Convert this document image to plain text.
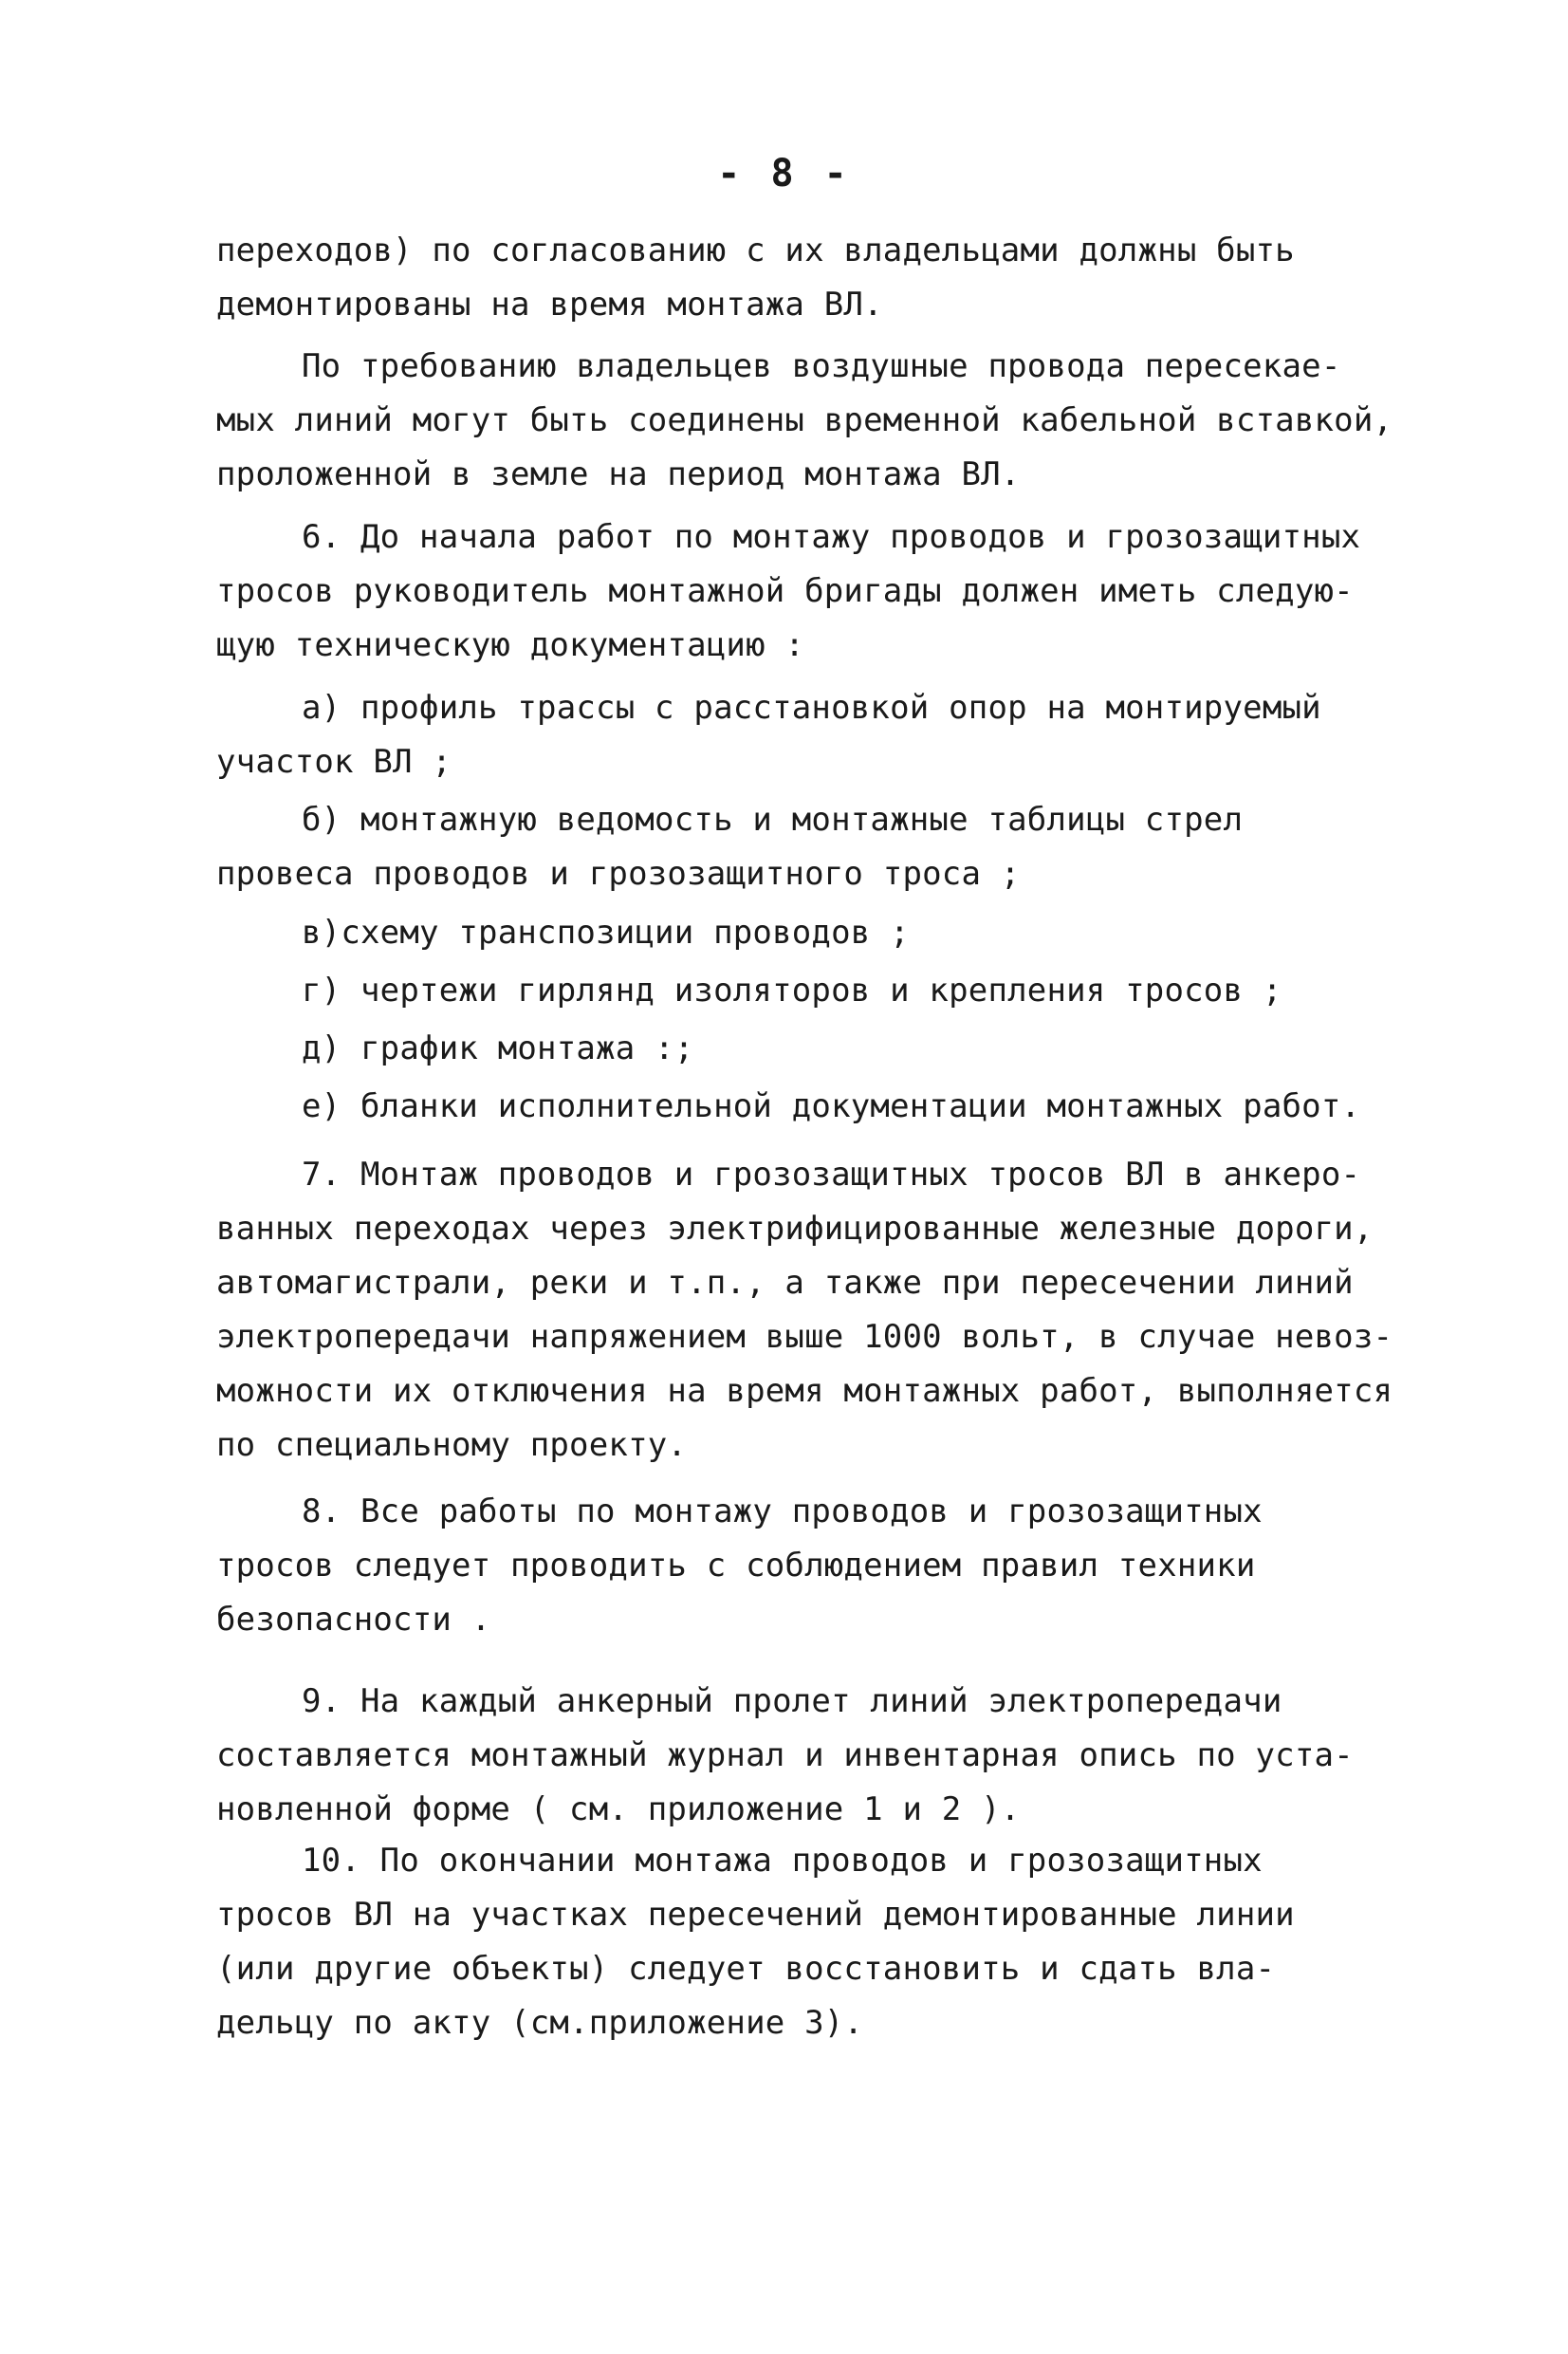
- 8 -
переходов) по согласованию с их владельцами должны быть
демонтированы на время монтажа ВЛ.
По требованию владельцев воздушные провода пересекае-
мых линий могут быть соединены временной кабельной вставкой,
проложенной в земле на период монтажа ВЛ.
6. До начала работ по монтажу проводов и грозозащитных
тросов руководитель монтажной бригады должен иметь следую-
щую техническую документацию :
а) профиль трассы с расстановкой опор на монтируемый
участок ВЛ ;
б) монтажную ведомость и монтажные таблицы стрел
провеса проводов и грозозащитного троса ;
в)схему транспозиции проводов ;
г) чертежи гирлянд изоляторов и крепления тросов ;
д) график монтажа :;
е) бланки исполнительной документации монтажных работ.
7. Монтаж проводов и грозозащитных тросов ВЛ в анкеро-
ванных переходах через электрифицированные железные дороги,
автомагистрали, реки и т.п., а также при пересечении линий
электропередачи напряжением выше 1000 вольт, в случае невоз-
можности их отключения на время монтажных работ, выполняется
по специальному проекту.
8. Все работы по монтажу проводов и грозозащитных
тросов следует проводить с соблюдением правил техники
безопасности .
9. На каждый анкерный пролет линий электропередачи
составляется монтажный журнал и инвентарная опись по уста-
новленной форме ( см. приложение 1 и 2 ).
10. По окончании монтажа проводов и грозозащитных
тросов ВЛ на участках пересечений демонтированные линии
(или другие объекты) следует восстановить и сдать вла-
дельцу по акту (см.приложение 3).
